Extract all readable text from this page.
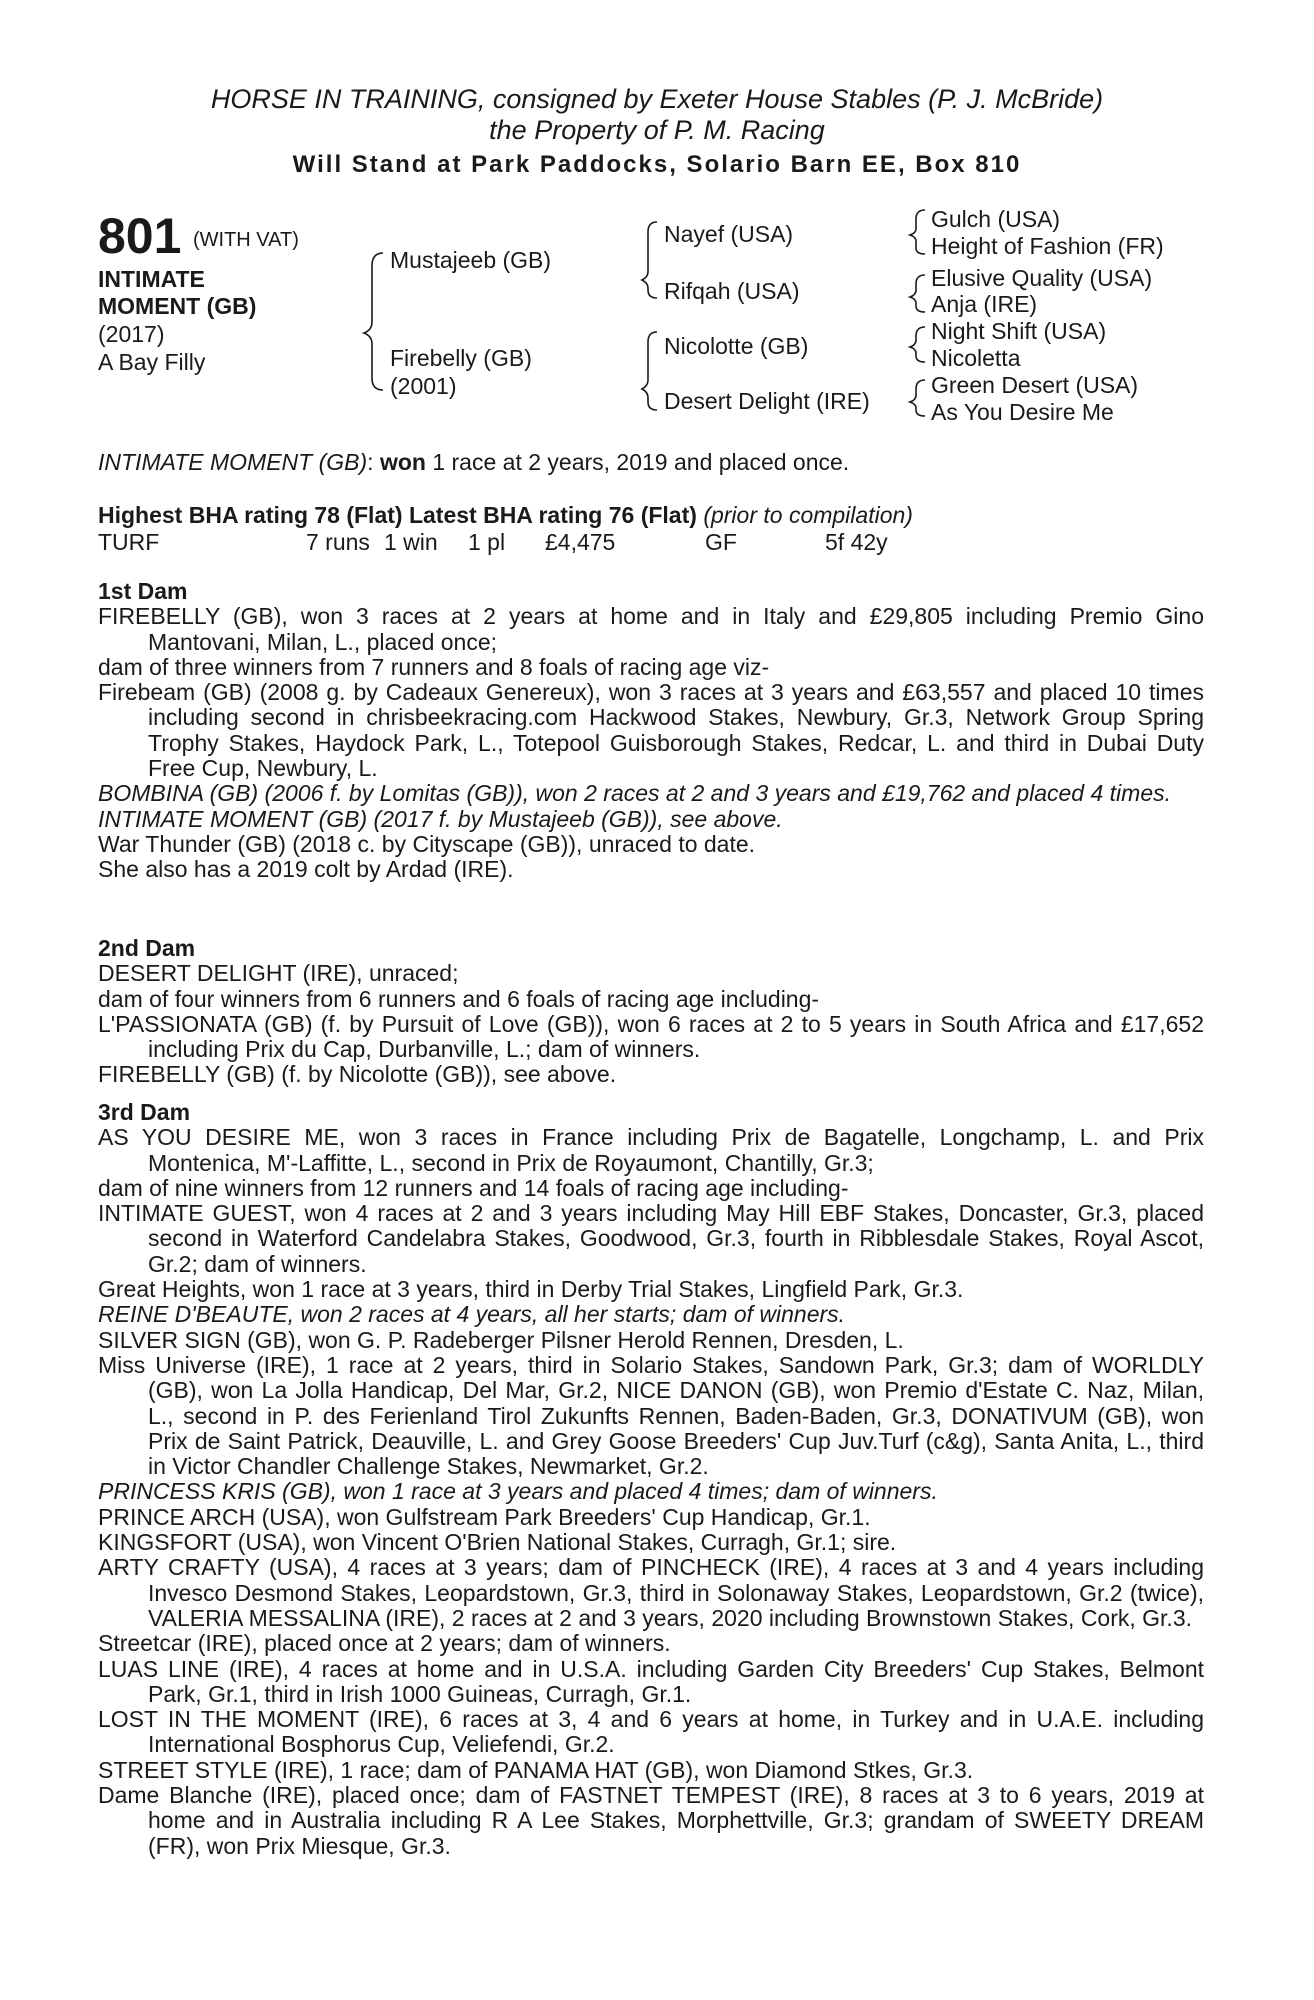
HORSE IN TRAINING, consigned by Exeter House Stables (P. J. McBride)
the Property of P. M. Racing
Will Stand at Park Paddocks, Solario Barn EE, Box 810
801 (WITH VAT)
INTIMATE
MOMENT (GB)
(2017)
A Bay Filly
Mustajeeb (GB)
Firebelly (GB)
(2001)
Nayef (USA)
Rifqah (USA)
Nicolotte (GB)
Desert Delight (IRE)
Gulch (USA)
Height of Fashion (FR)
Elusive Quality (USA)
Anja (IRE)
Night Shift (USA)
Nicoletta
Green Desert (USA)
As You Desire Me
INTIMATE MOMENT (GB): won 1 race at 2 years, 2019 and placed once.
Highest BHA rating 78 (Flat) Latest BHA rating 76 (Flat) (prior to compilation)
TURF	7 runs 1 win 1 pl £4,475	GF	5f 42y

1st Dam

FIREBELLY (GB), won 3 races at 2 years at home and in Italy and £29,805 including Premio Gino Mantovani, Milan, L., placed once;

dam of three winners from 7 runners and 8 foals of racing age viz-

Firebeam (GB) (2008 g. by Cadeaux Genereux), won 3 races at 3 years and £63,557 and placed 10 times including second in chrisbeekracing.com Hackwood Stakes, Newbury, Gr.3, Network Group Spring Trophy Stakes, Haydock Park, L., Totepool Guisborough Stakes, Redcar, L. and third in Dubai Duty Free Cup, Newbury, L.

BOMBINA (GB) (2006 f. by Lomitas (GB)), won 2 races at 2 and 3 years and £19,762 and placed 4 times.

INTIMATE MOMENT (GB) (2017 f. by Mustajeeb (GB)), see above.

War Thunder (GB) (2018 c. by Cityscape (GB)), unraced to date.

She also has a 2019 colt by Ardad (IRE).

2nd Dam

DESERT DELIGHT (IRE), unraced;

dam of four winners from 6 runners and 6 foals of racing age including-

L'PASSIONATA (GB) (f. by Pursuit of Love (GB)), won 6 races at 2 to 5 years in South Africa and £17,652 including Prix du Cap, Durbanville, L.; dam of winners.

FIREBELLY (GB) (f. by Nicolotte (GB)), see above.

3rd Dam

AS YOU DESIRE ME, won 3 races in France including Prix de Bagatelle, Longchamp, L. and Prix Montenica, M'-Laffitte, L., second in Prix de Royaumont, Chantilly, Gr.3;

dam of nine winners from 12 runners and 14 foals of racing age including-

INTIMATE GUEST, won 4 races at 2 and 3 years including May Hill EBF Stakes, Doncaster, Gr.3, placed second in Waterford Candelabra Stakes, Goodwood, Gr.3, fourth in Ribblesdale Stakes, Royal Ascot, Gr.2; dam of winners.

Great Heights, won 1 race at 3 years, third in Derby Trial Stakes, Lingfield Park, Gr.3.

REINE D'BEAUTE, won 2 races at 4 years, all her starts; dam of winners.

SILVER SIGN (GB), won G. P. Radeberger Pilsner Herold Rennen, Dresden, L.

Miss Universe (IRE), 1 race at 2 years, third in Solario Stakes, Sandown Park, Gr.3; dam of WORLDLY (GB), won La Jolla Handicap, Del Mar, Gr.2, NICE DANON (GB), won Premio d'Estate C. Naz, Milan, L., second in P. des Ferienland Tirol Zukunfts Rennen, Baden-Baden, Gr.3, DONATIVUM (GB), won Prix de Saint Patrick, Deauville, L. and Grey Goose Breeders' Cup Juv.Turf (c&g), Santa Anita, L., third in Victor Chandler Challenge Stakes, Newmarket, Gr.2.

PRINCESS KRIS (GB), won 1 race at 3 years and placed 4 times; dam of winners.

PRINCE ARCH (USA), won Gulfstream Park Breeders' Cup Handicap, Gr.1.

KINGSFORT (USA), won Vincent O'Brien National Stakes, Curragh, Gr.1; sire.

ARTY CRAFTY (USA), 4 races at 3 years; dam of PINCHECK (IRE), 4 races at 3 and 4 years including Invesco Desmond Stakes, Leopardstown, Gr.3, third in Solonaway Stakes, Leopardstown, Gr.2 (twice), VALERIA MESSALINA (IRE), 2 races at 2 and 3 years, 2020 including Brownstown Stakes, Cork, Gr.3.

Streetcar (IRE), placed once at 2 years; dam of winners.

LUAS LINE (IRE), 4 races at home and in U.S.A. including Garden City Breeders' Cup Stakes, Belmont Park, Gr.1, third in Irish 1000 Guineas, Curragh, Gr.1.

LOST IN THE MOMENT (IRE), 6 races at 3, 4 and 6 years at home, in Turkey and in U.A.E. including International Bosphorus Cup, Veliefendi, Gr.2.

STREET STYLE (IRE), 1 race; dam of PANAMA HAT (GB), won Diamond Stkes, Gr.3.

Dame Blanche (IRE), placed once; dam of FASTNET TEMPEST (IRE), 8 races at 3 to 6 years, 2019 at home and in Australia including R A Lee Stakes, Morphettville, Gr.3; grandam of SWEETY DREAM (FR), won Prix Miesque, Gr.3.
